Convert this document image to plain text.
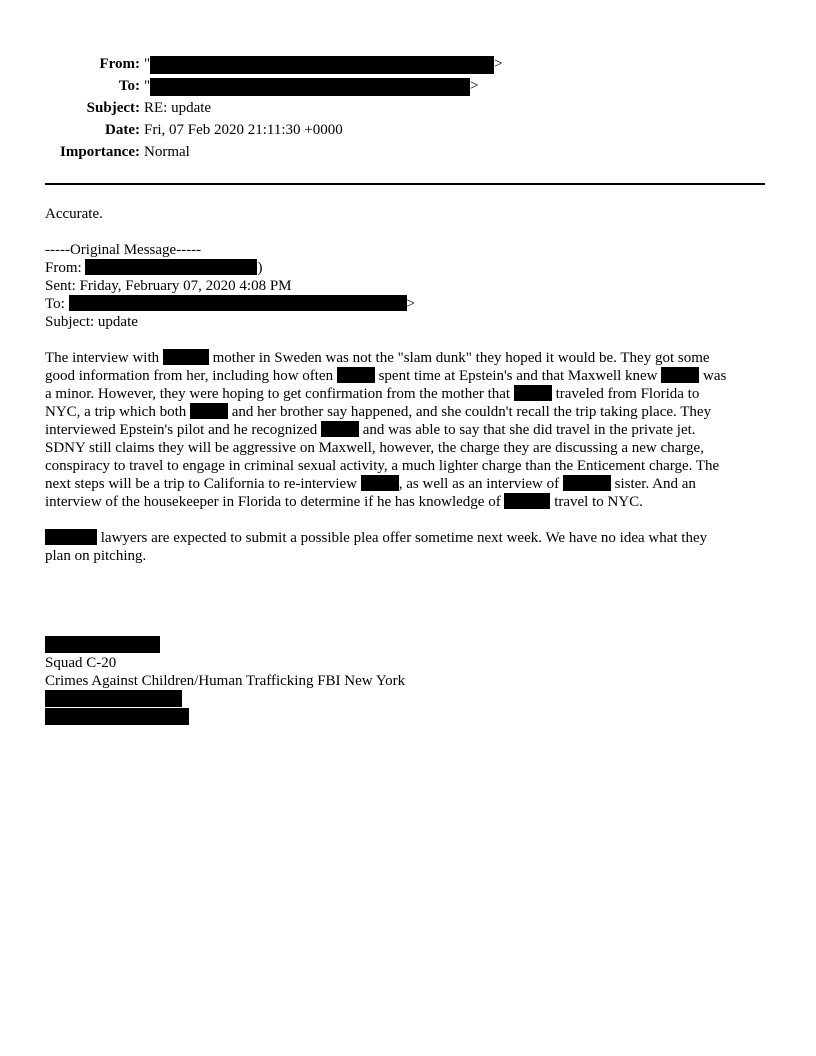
From: "	>
To: "	>
Subject: RE: update
Date: Fri, 07 Feb 2020 21:11:30 +0000
Importance: Normal
Accurate.
-----Original Message-----
From:	)
Sent: Friday, February 07, 2020 4:08 PM
To:	>
Subject: update
The interview with	mother in Sweden was not the "slam dunk" they hoped it would be. They got some
good information from her, including how often	spent time at Epstein's and that Maxwell knew	was
a minor. However, they were hoping to get confirmation from the mother that	traveled from Florida to
NYC, a trip which both	and her brother say happened, and she couldn't recall the trip taking place. They
interviewed Epstein's pilot and he recognized	and was able to say that she did travel in the private jet.
SDNY still claims they will be aggressive on Maxwell, however, the charge they are discussing a new charge,
conspiracy to travel to engage in criminal sexual activity, a much lighter charge than the Enticement charge. The
next steps will be a trip to California to re-interview	, as well as an interview of	sister. And an
interview of the housekeeper in Florida to determine if he has knowledge of	travel to NYC.
lawyers are expected to submit a possible plea offer sometime next week. We have no idea what they
plan on pitching.
Squad C-20
Crimes Against Children/Human Trafficking FBI New York
